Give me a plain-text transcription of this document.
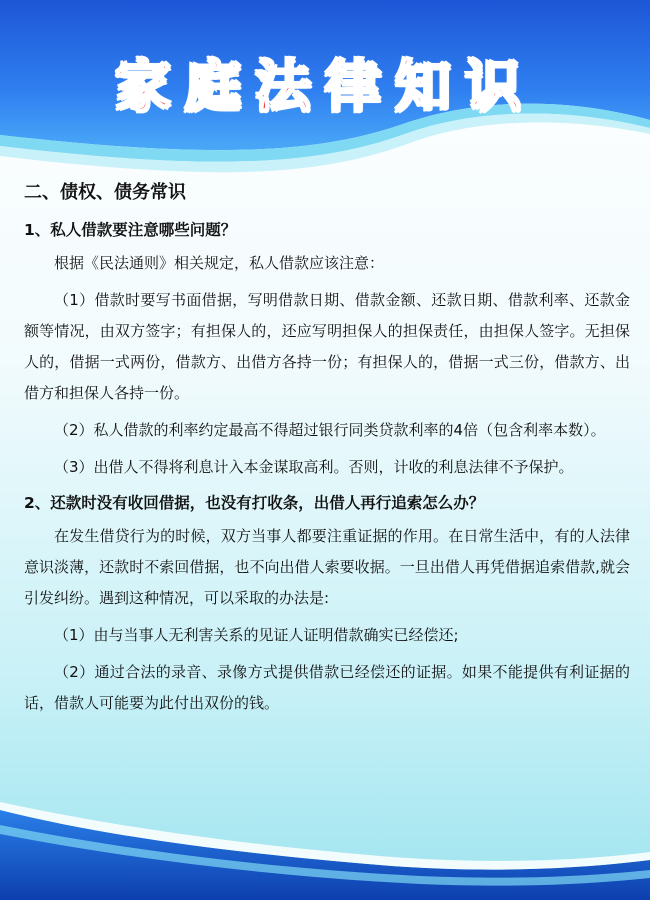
家庭法律知识
二、债权、债务常识
1、私人借款要注意哪些问题？
根据《民法通则》相关规定，私人借款应该注意：
（1）借款时要写书面借据，写明借款日期、借款金额、还款日期、借款利率、还款金额等情况，由双方签字；有担保人的，还应写明担保人的担保责任，由担保人签字。无担保人的，借据一式两份，借款方、出借方各持一份；有担保人的，借据一式三份，借款方、出借方和担保人各持一份。
（2）私人借款的利率约定最高不得超过银行同类贷款利率的4倍（包含利率本数）。
（3）出借人不得将利息计入本金谋取高利。否则，计收的利息法律不予保护。
2、还款时没有收回借据，也没有打收条，出借人再行追索怎么办？
在发生借贷行为的时候，双方当事人都要注重证据的作用。在日常生活中，有的人法律意识淡薄，还款时不索回借据，也不向出借人索要收据。一旦出借人再凭借据追索借款,就会引发纠纷。遇到这种情况，可以采取的办法是:
（1）由与当事人无利害关系的见证人证明借款确实已经偿还;
（2）通过合法的录音、录像方式提供借款已经偿还的证据。如果不能提供有利证据的话，借款人可能要为此付出双份的钱。
